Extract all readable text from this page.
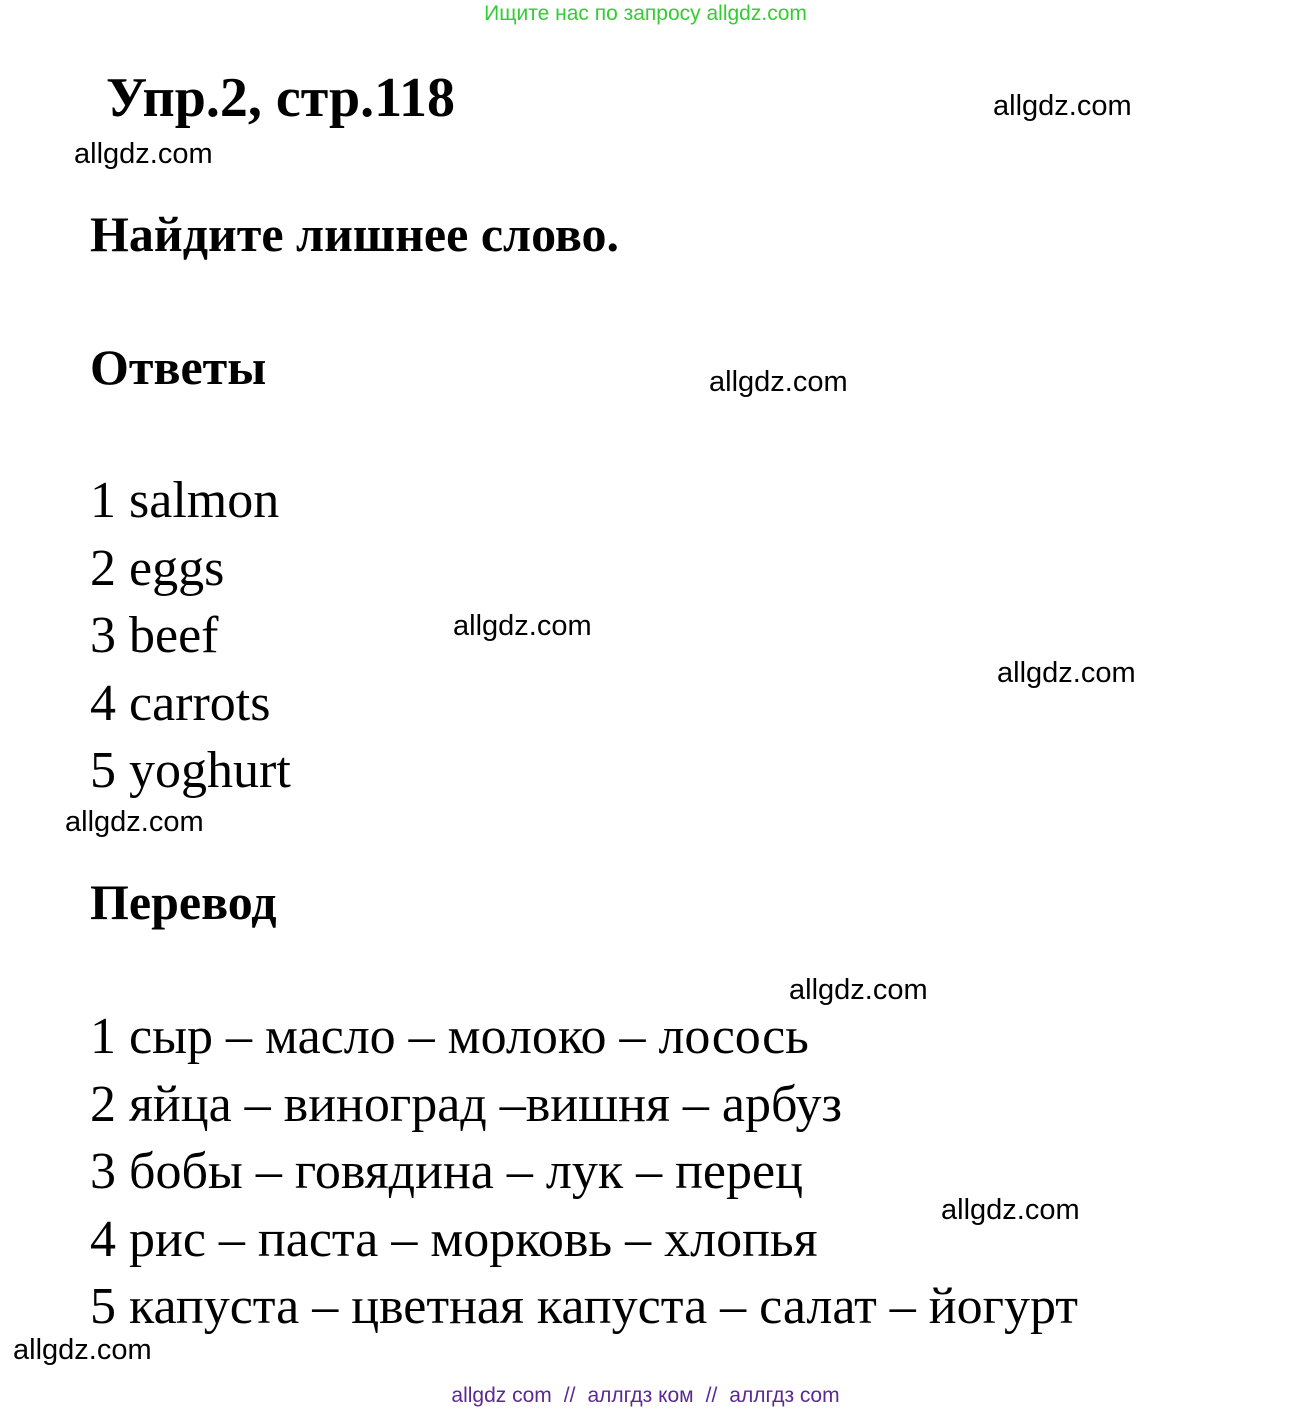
Ищите нас по запросу allgdz.com
Упр.2, стр.118
Найдите лишнее слово.
Ответы
1 salmon
2 eggs
3 beef
4 carrots
5 yoghurt
Перевод
1 сыр – масло – молоко – лосось
2 яйца – виноград –вишня – арбуз
3 бобы – говядина – лук – перец
4 рис – паста – морковь – хлопья
5 капуста – цветная капуста – салат – йогурт
allgdz.com
allgdz.com
allgdz.com
allgdz.com
allgdz.com
allgdz.com
allgdz.com
allgdz.com
allgdz.com
allgdz com // аллгдз ком // аллгдз com
